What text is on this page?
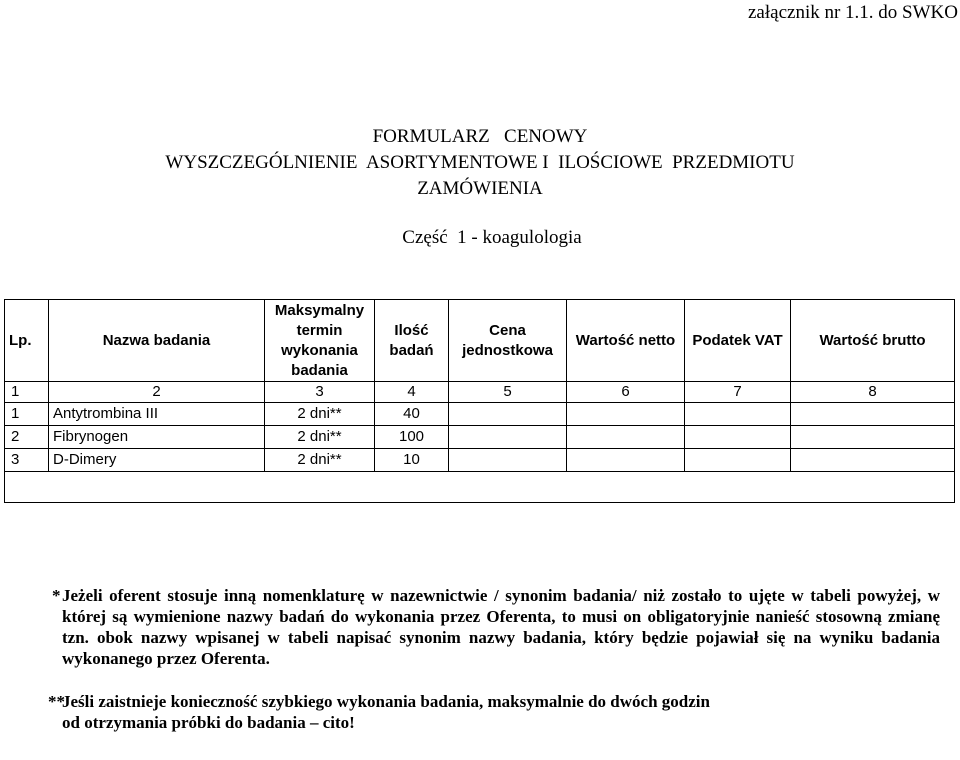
załącznik nr 1.1. do SWKO
FORMULARZ   CENOWY
WYSZCZEGÓLNIENIE  ASORTYMENTOWE I  ILOŚCIOWE  PRZEDMIOTU
ZAMÓWIENIA
Część  1 - koagulologia
Lp.	Nazwa badania	Maksymalny termin wykonania badania	Ilość badań	Cena jednostkowa	Wartość netto	Podatek VAT	Wartość brutto
1	2	3	4	5	6	7	8
1	Antytrombina III	2 dni**	40				
2	Fibrynogen	2 dni**	100				
3	D-Dimery	2 dni**	10				

* Jeżeli oferent stosuje inną nomenklaturę w nazewnictwie / synonim badania/ niż zostało to ujęte w tabeli powyżej, w której są wymienione nazwy badań do wykonania przez Oferenta, to musi on obligatoryjnie nanieść stosowną zmianę tzn. obok nazwy wpisanej w tabeli napisać synonim nazwy badania, który będzie pojawiał się na wyniku badania wykonanego przez Oferenta.
**
Jeśli zaistnieje konieczność szybkiego wykonania badania, maksymalnie do dwóch godzin
od otrzymania próbki do badania – cito!
